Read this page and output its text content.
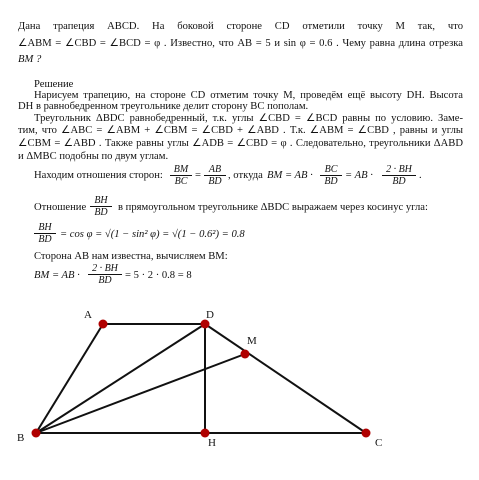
Дана трапеция ABCD. На боковой стороне CD отметили точку M так, что
∠ABM = ∠CBD = ∠BCD = φ . Известно, что AB = 5 и sin φ = 0.6 . Чему равна длина отрезка
BM ?
Решение
Нарисуем трапецию, на стороне CD отметим точку M, проведём ещё высоту DH. Высота
DH в равнобедренном треугольнике делит сторону BC пополам.
Треугольник ΔBDC равнобедренный, т.к. углы ∠CBD = ∠BCD равны по условию. Заме-
тим, что ∠ABC = ∠ABM + ∠CBM = ∠CBD + ∠ABD . Т.к. ∠ABM = ∠CBD , равны и углы
∠CBM = ∠ABD . Также равны углы ∠ADB = ∠CBD = φ . Следовательно, треугольники ΔABD
и ΔMBC подобны по двум углам.
Находим отношения сторон: $\frac{BM}{BC} = \frac{AB}{BD}$ , откуда BM = AB · $\frac{BC}{BD}$ = AB · $\frac{2 \cdot BH}{BD}$ .
Отношение $\frac{BH}{BD}$ в прямоугольном треугольнике ΔBDC выражаем через косинус угла:
$\frac{BH}{BD} = \cos \varphi = √(1 - \sin^2$ φ) = √(1 − 0.6²) = 0.8
Сторона AB нам известна, вычисляем BM:
BM = AB · $\frac{2 \cdot BH}{BD} = 5 \cdot 2 \cdot 0.8 = 8$
A	D
M
B	H	C
